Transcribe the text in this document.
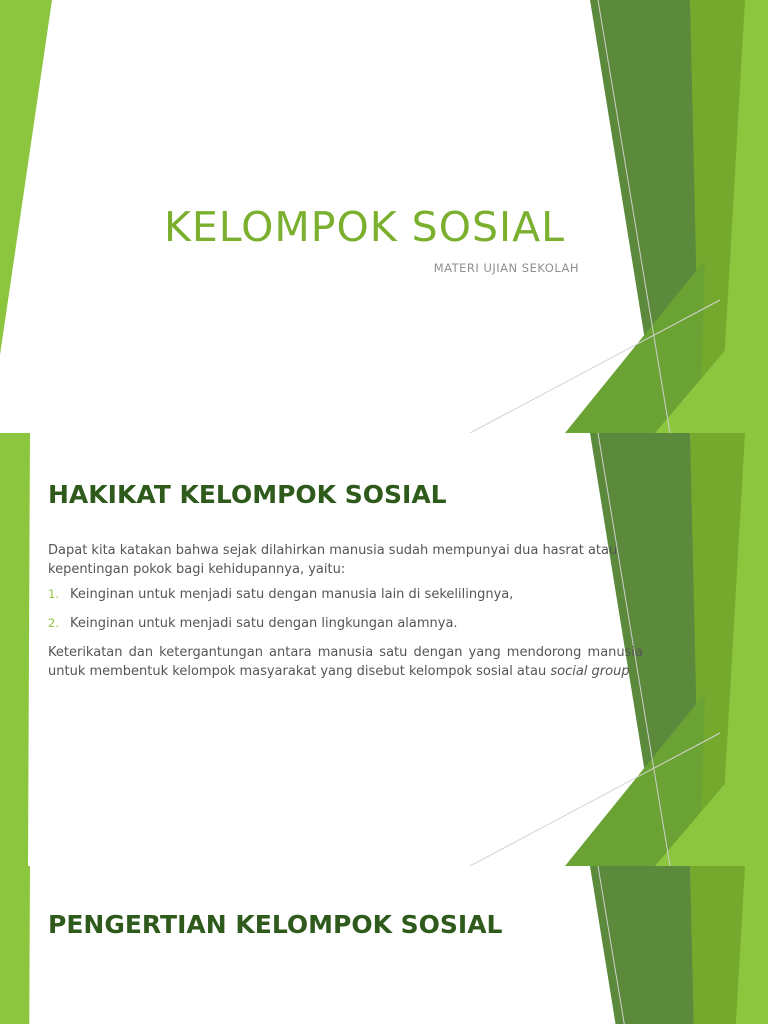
KELOMPOK SOSIAL
MATERI UJIAN SEKOLAH
HAKIKAT KELOMPOK SOSIAL

Dapat kita katakan bahwa sejak dilahirkan manusia sudah mempunyai dua hasrat atau kepentingan pokok bagi kehidupannya, yaitu:

1. Keinginan untuk menjadi satu dengan manusia lain di sekelilingnya,
2. Keinginan untuk menjadi satu dengan lingkungan alamnya.

Keterikatan dan ketergantungan antara manusia satu dengan yang mendorong manusia untuk membentuk kelompok masyarakat yang disebut kelompok sosial atau social group

PENGERTIAN KELOMPOK SOSIAL
